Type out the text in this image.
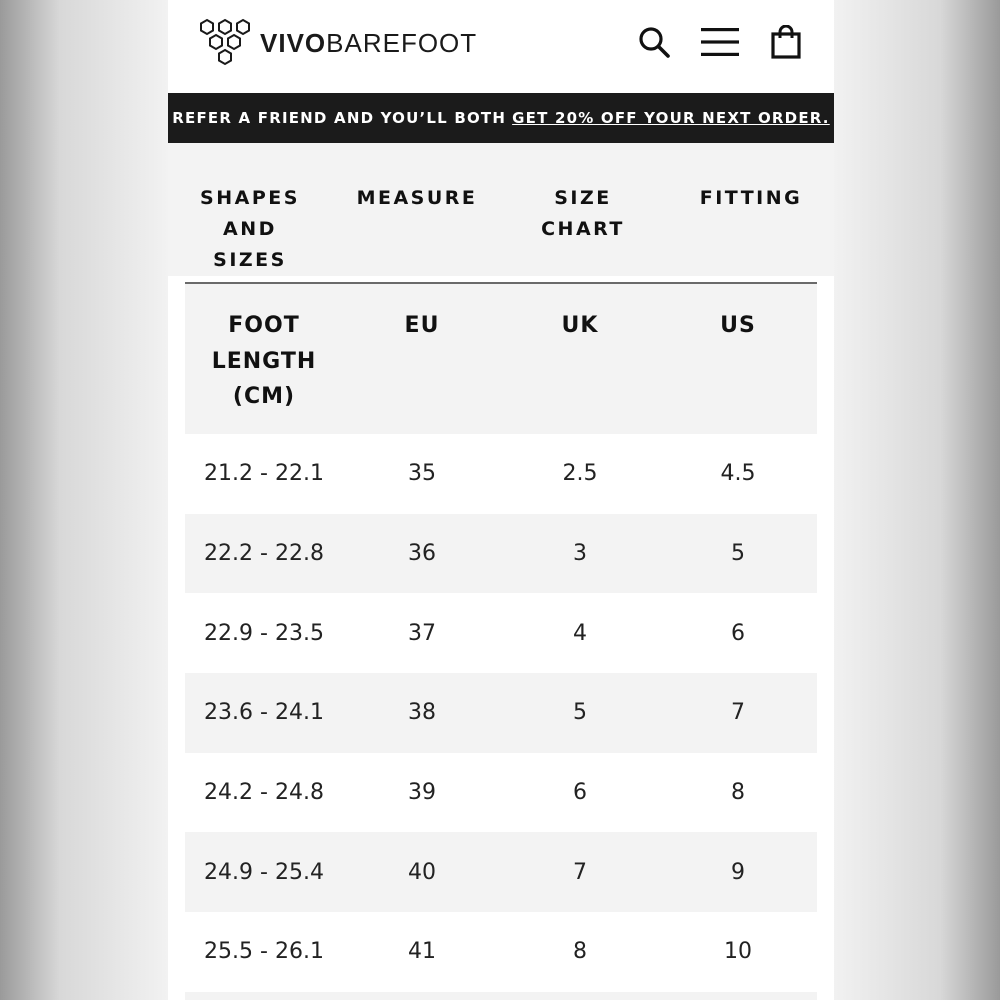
VIVOBAREFOOT
REFER A FRIEND AND YOU’LL BOTH GET 20% OFF YOUR NEXT ORDER.
SHAPES
AND SIZES
MEASURE	SIZE CHART
FITTING
FOOT
LENGTH
(CM)
EU	UK	US
21.2 - 22.1	35	2.5	4.5
22.2 - 22.8	36	3	5
22.9 - 23.5	37	4	6
23.6 - 24.1	38	5	7
24.2 - 24.8	39	6	8
24.9 - 25.4	40	7	9
25.5 - 26.1	41	8	10
